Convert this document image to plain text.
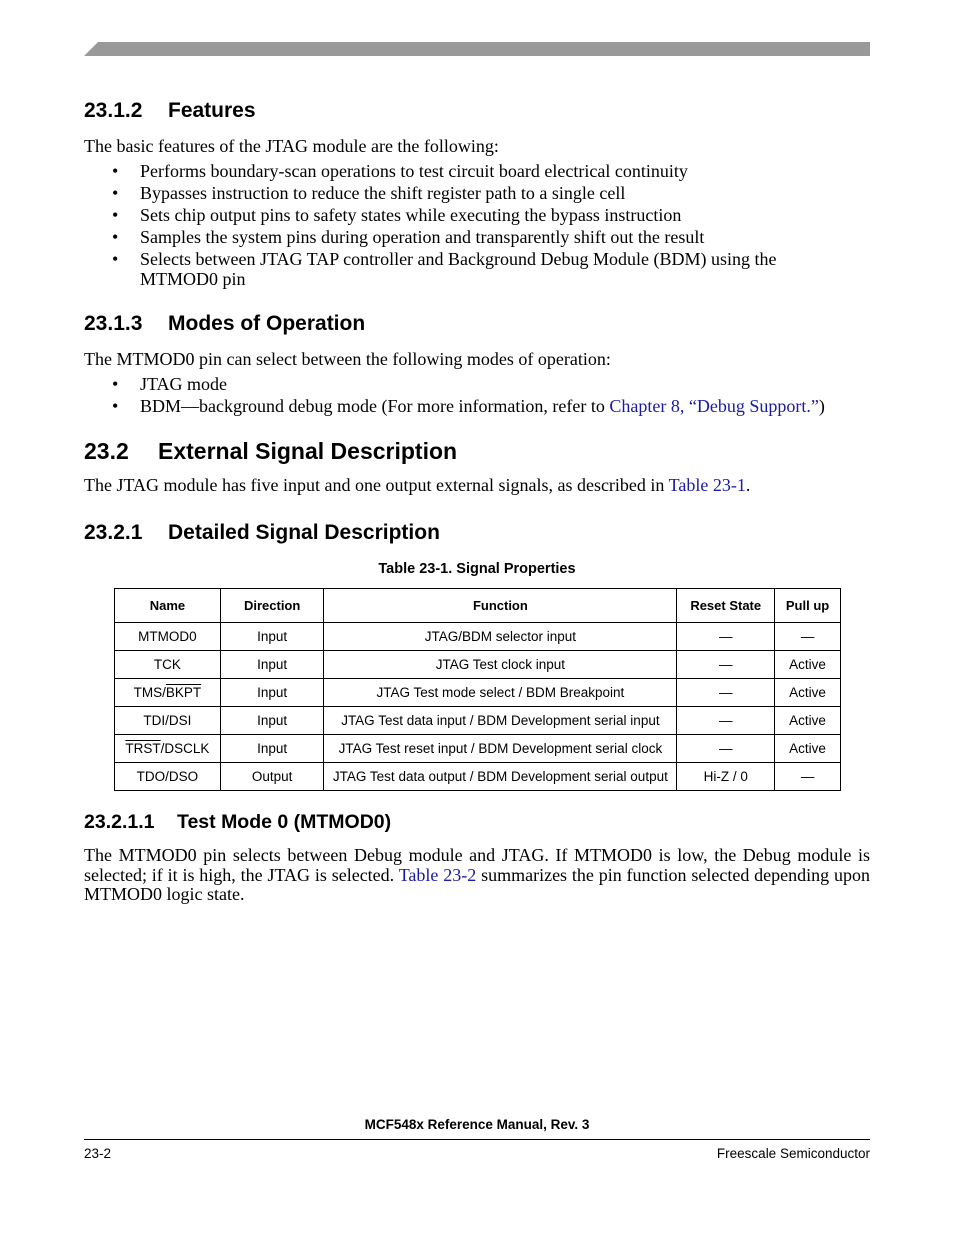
23.1.2 Features

The basic features of the JTAG module are the following:

• Performs boundary-scan operations to test circuit board electrical continuity
• Bypasses instruction to reduce the shift register path to a single cell
• Sets chip output pins to safety states while executing the bypass instruction
• Samples the system pins during operation and transparently shift out the result
• Selects between JTAG TAP controller and Background Debug Module (BDM) using the MTMOD0 pin
23.1.3 Modes of Operation

The MTMOD0 pin can select between the following modes of operation:

• JTAG mode
• BDM—background debug mode (For more information, refer to Chapter 8, “Debug Support.”)
23.2 External Signal Description

The JTAG module has five input and one output external signals, as described in Table 23-1.

23.2.1 Detailed Signal Description

Table 23-1. Signal Properties

Name	Direction	Function	Reset State	Pull up
MTMOD0	Input	JTAG/BDM selector input	—	—
TCK	Input	JTAG Test clock input	—	Active
TMS/BKPT	Input	JTAG Test mode select / BDM Breakpoint	—	Active
TDI/DSI	Input	JTAG Test data input / BDM Development serial input	—	Active
TRST/DSCLK	Input	JTAG Test reset input / BDM Development serial clock	—	Active
TDO/DSO	Output	JTAG Test data output / BDM Development serial output	Hi-Z / 0	—
23.2.1.1 Test Mode 0 (MTMOD0)

The MTMOD0 pin selects between Debug module and JTAG. If MTMOD0 is low, the Debug module is selected; if it is high, the JTAG is selected. Table 23-2 summarizes the pin function selected depending upon MTMOD0 logic state.

MCF548x Reference Manual, Rev. 3

23-2	Freescale Semiconductor
